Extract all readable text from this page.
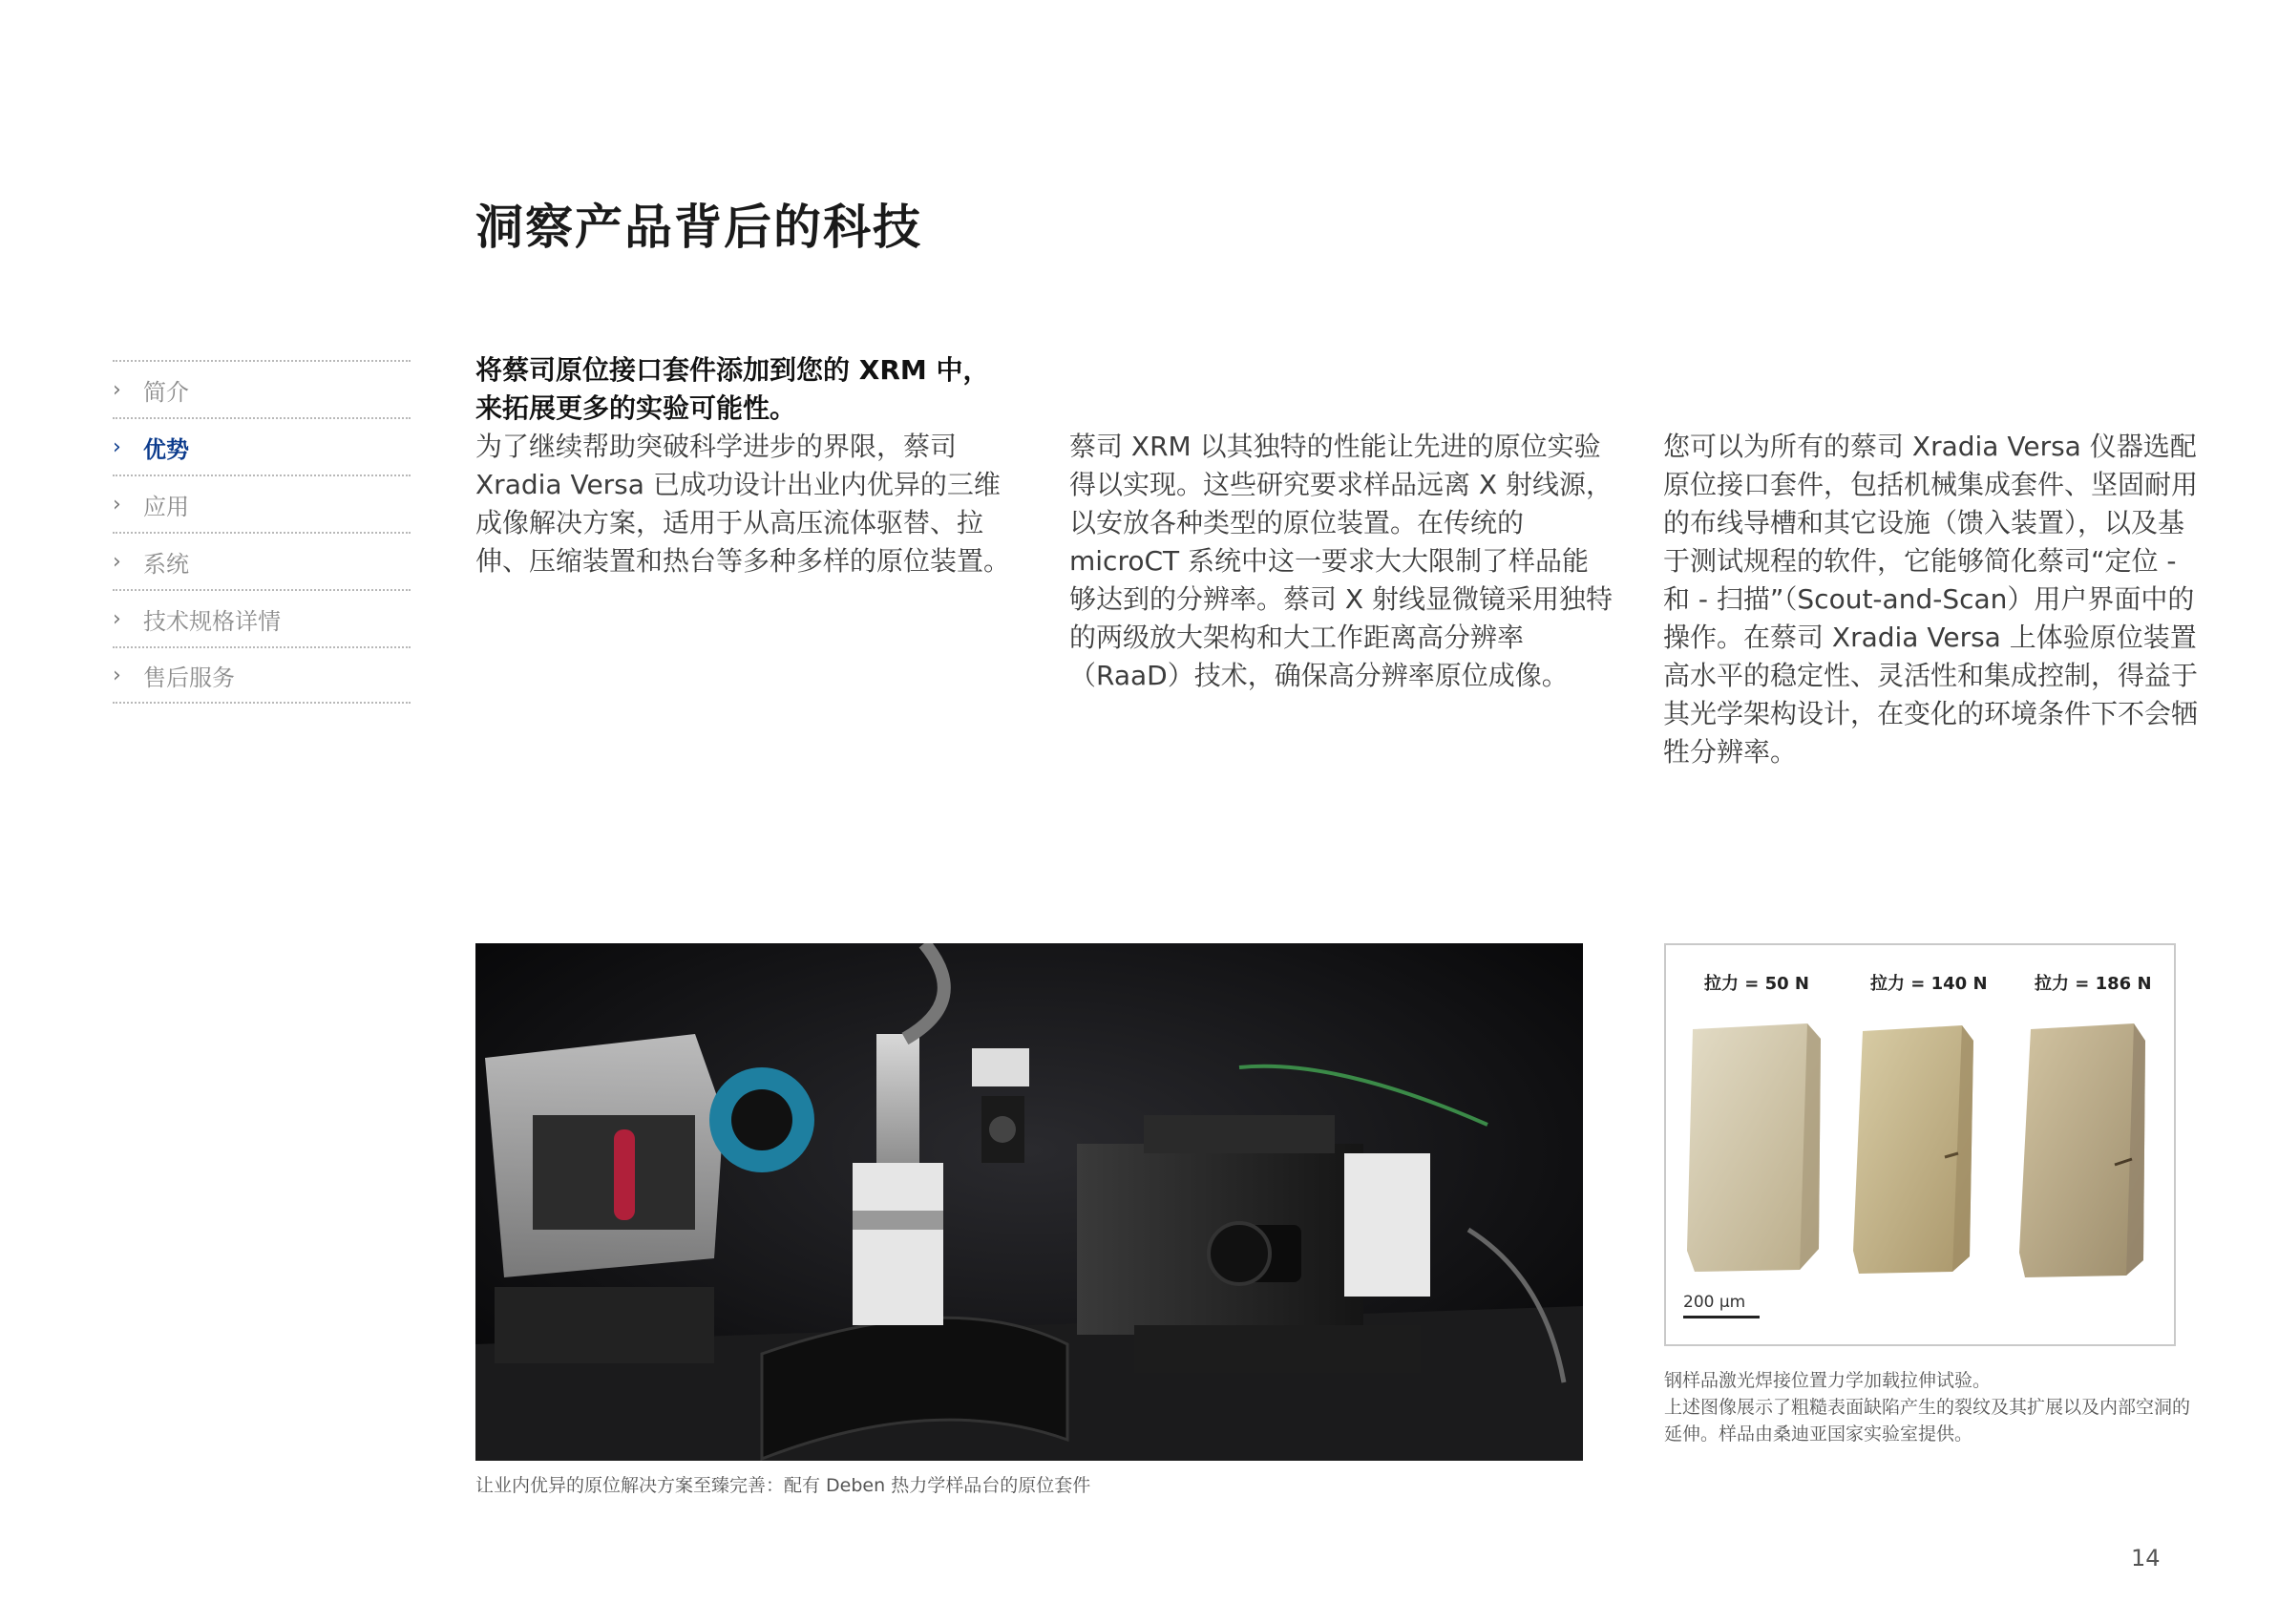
洞察产品背后的科技
› 简介
› 优势
› 应用
› 系统
› 技术规格详情
› 售后服务
将蔡司原位接口套件添加到您的 XRM 中，
来拓展更多的实验可能性。
为了继续帮助突破科学进步的界限，蔡司 Xradia Versa 已成功设计出业内优异的三维成像解决方案，适用于从高压流体驱替、拉伸、压缩装置和热台等多种多样的原位装置。
蔡司 XRM 以其独特的性能让先进的原位实验得以实现。这些研究要求样品远离 X 射线源，以安放各种类型的原位装置。在传统的 microCT 系统中这一要求大大限制了样品能够达到的分辨率。蔡司 X 射线显微镜采用独特的两级放大架构和大工作距离高分辨率（RaaD）技术，确保高分辨率原位成像。
您可以为所有的蔡司 Xradia Versa 仪器选配原位接口套件，包括机械集成套件、坚固耐用的布线导槽和其它设施（馈入装置），以及基于测试规程的软件，它能够简化蔡司“定位 - 和 - 扫描”（Scout-and-Scan）用户界面中的操作。在蔡司 Xradia Versa 上体验原位装置高水平的稳定性、灵活性和集成控制，得益于其光学架构设计，在变化的环境条件下不会牺牲分辨率。
让业内优异的原位解决方案至臻完善：配有 Deben 热力学样品台的原位套件
拉力 = 50 N	拉力 = 140 N	拉力 = 186 N
200 µm
钢样品激光焊接位置力学加载拉伸试验。
上述图像展示了粗糙表面缺陷产生的裂纹及其扩展以及内部空洞的延伸。样品由桑迪亚国家实验室提供。
14
